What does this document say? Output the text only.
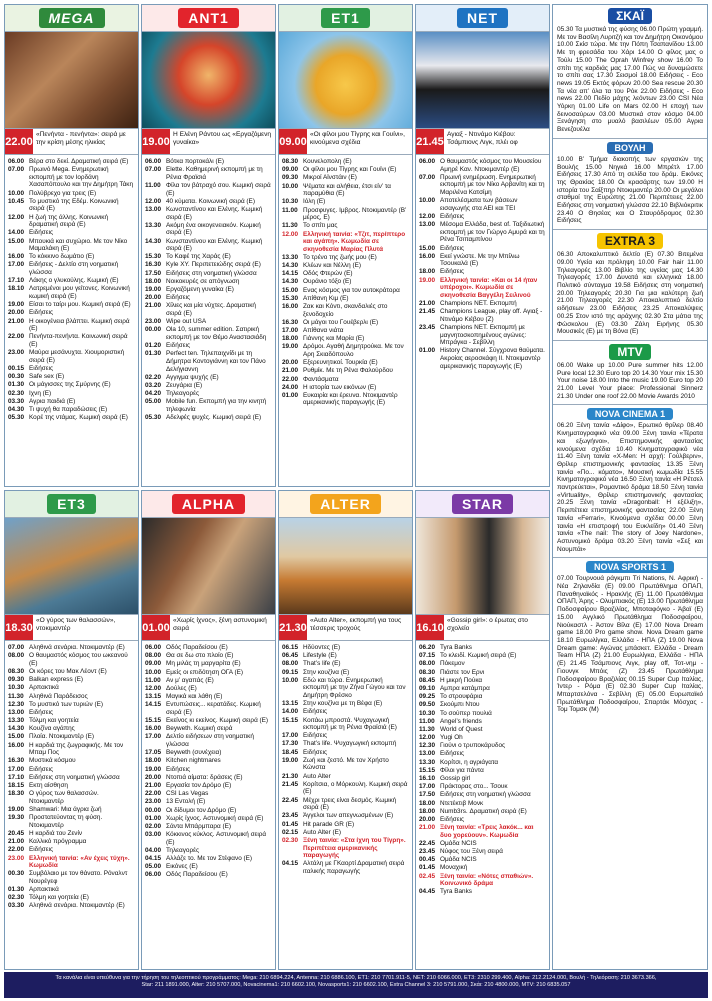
MEGA
22.00
«Πενήντα - πενήντα»: σειρά με την κρίση μέσης ηλικίας
06.00 Βέρα στο δεκί. Δραματική σειρά (Ε)
07.00 Πρωινό Mega. Ενημερωτική εκπομπή με τον Ιορδάνη Χασαπόπουλο και την Δημήτρη Τάκη
10.00 Πολύβρεχο για τρεις (Ε)
10.45 Το μυστικό της Εδέμ. Κοινωνική σειρά (Ε)
12.00 Η ζωή της άλλης. Κοινωνική δραματική σειρά (Ε)
14.00 Ειδήσεις
15.00 Μπουκιά και συχώριο. Με τον Νίκο Μαμαλάκη (Ε)
16.00 Το κόκκινο δωμάτιο (Ε)
17.00 Ειδήσεις - Δελτίο στη νοηματική γλώσσα
17.10 Λάκης ο γλυκούλης. Κωμική (Ε)
18.10 Λατρεμένοι μου γείτονες. Κοινωνική κωμική σειρά (Ε)
19.00 Είσαι το ταίρι μου. Κωμική σειρά (Ε)
20.00 Ειδήσεις
21.00 Η οικογένεια βλάπτει. Κωμική σειρά (Ε)
22.00 Πενήντα-πενήντα. Κοινωνική σειρά (Ε)
23.00 Μαύρα μεσάνυχτα. Χιουμοριστική σειρά (Ε)
00.15 Ειδήσεις
00.30 Safe sex (Ε)
01.30 Οι μάγισσες της Σμύρνης (Ε)
02.30 Ιχνη (Ε)
03.30 Αγρια παιδιά (Ε)
04.30 Τι ψυχή θα παραδώσεις (Ε)
05.30 Κορέ της ντάμας. Κωμική σειρά (Ε)
ANT1
19.00
Η Ελένη Ράντου ως «Εργαζόμενη γυναίκα»
06.00 Βότκα πορτοκάλι (Ε)
07.00 Elette. Καθημερινή εκπομπή με τη Ρένια Φραϊσιά
11.00 Φίλα τον βάτραχό σου. Κωμική σειρά (Ε)
12.00 40 κύματα. Κοινωνική σειρά (Ε)
13.00 Κωνσταντίνου και Ελένης. Κωμική σειρά (Ε)
13.30 Ακόμη ένα οικογενειακόν. Κωμική σειρά (Ε)
14.30 Κωνσταντίνου και Ελένης. Κωμική σειρά (Ε)
15.30 Το Καφέ της Χαράς (Ε)
16.30 Kyle XY. Περιπετειώδης σειρά (Ε)
17.50 Ειδήσεις στη νοηματική γλώσσα
18.00 Νοικοκυρές σε απόγνωση
19.00 Εργαζόμενη γυναίκα (Ε)
20.00 Ειδήσεις
21.00 Χίλιες και μία νύχτες. Δραματική σειρά (Ε)
23.00 Wipe out USA
00.00 Ola 10, summer edition. Σατιρική εκπομπή με τον Θέμο Αναστασιάδη
01.20 Ειδήσεις
01.30 Perfect ten. Τηλεπαιχνίδι με τη Δήμητρα Κοντογιάννη και τον Πάνο Δελήγιαννη
02.20 Αγγιγμα ψυχής (Ε)
03.20 Ζευγάρια (Ε)
04.20 Τηλεαγορές
05.00 Mobile fun. Εκπομπή για την κινητή τηλεφωνία
05.30 Αδελφές ψυχές. Κωμική σειρά (Ε)
ET1
09.00
«Οι φίλοι μου Τίγρης και Γουίνι», κινούμενα σχέδια
08.30 Κουνελοπολη (Ε)
09.00 Οι φίλοι μου Τίγρης και Γουίνι (Ε)
09.30 Μικροί Αϊνστάιν (Ε)
10.00 Ψέματα και αλήθεια, έτσι είν’ τα παραμύθια (Ε)
10.30 Ιόλη (Ε)
11.00 Προσφυγες. Ιμβρος. Ντοκιμαντέρ (Β’ μέρος, Ε)
11.30 Το σπίτι μας
12.00 Ελληνική ταινία: «Τζιτ, περίπτερο και αγάπη». Κωμωδία σε σκηνοθεσία Μαρίας Πλυτά
13.30 Το τρένο της ζωής μου (Ε)
14.30 Κλέων και Νέλλη (Ε)
14.15 Οδός Φτερών (Ε)
14.30 Ουράνιο τόξο (Ε)
15.00 Ενας κόσμος για τον αυτοκράτορα
15.30 Απίθανη Κιμ (Ε)
16.00 Ζακ και Κόντι, σκανδαλιές στο ξενοδοχείο
16.30 Οι μάγοι του Γουέβερλι (Ε)
17.00 Απίθανα νιάτα
18.00 Γιάννης και Μαρία (Ε)
19.00 Δρόμοι. Αγαθή Δημητρούκα. Με τον Αρη Σκιαδόπουλο
20.00 Εξερευνητικοί. Τουρκία (Ε)
21.00 Ρυθμίκ. Με τη Ρένα Φαλούρδου
22.00 Φαντάσματα
24.00 Η ιστορία των εικόνων (Ε)
01.00 Ευκαιρία και έρευνα. Ντοκιμαντέρ αμερικανικής παραγωγής (Ε)
NET
21.45
Αγιαξ - Ντινάμο Κιέβου: Τσάμπιονς Λιγκ, πλέι οφ
06.00 Ο θαυμαστός κόσμος του Μουσείου Αμηρέ Καν. Ντοκιμαντέρ (Ε)
07.00 Πρωινή ενημέρωση. Ενημερωτική εκπομπή με τον Νίκο Αρβανίτη και τη Μαριλένα Κατσίμη
10.00 Αποτελέσματα των βάσεων εισαγωγής στα ΑΕΙ και ΤΕΙ
12.00 Ειδήσεις
13.00 Μέσομα Ελλάδα, best of. Ταξιδιωτική εκπομπή με τον Γιώργο Αμυρά και τη Ρένα Τσιπαμπίνου
15.00 Ειδήσεις
16.00 Εκεί γνώστε. Με την Μπίλιω Τσουκαλά (Ε)
18.00 Ειδήσεις
19.00 Ελληνική ταινία: «Και οι 14 ήταν υπέροχοι». Κωμωδία σε σκηνοθεσία Βαγγέλη Σειλινού
21.00 Champions NET. Εκπομπή
21.45 Champions League, play off. Αγιαξ - Ντινάμο Κιέβου (Ζ)
23.45 Champions NET. Εκπομπή με μαγνητοσκοπημένους αγώνες: Μπράγκα - Σεβίλλη
01.00 History Channel. Σύγχρονα θαύματα. Ακροίας αεροσκάφη ΙΙ. Ντοκιμαντέρ αμερικανικής παραγωγής (Ε)
ET3
18.30
«Ο γύρος των θαλασσών», ντοκιμαντέρ
07.00 Αληθινά σενάρια. Ντοκιμαντέρ (Ε)
08.00 Ο θαυμαστός κόσμος του ωκεανού (Ε)
08.30 Οι κόρες του Μακ Λέοντ (Ε)
09.30 Balkan express (Ε)
10.30 Αρπακτικά
11.30 Αληθινά Παράδεισος
12.30 Το μυστικό των τυριών (Ε)
13.00 Ειδήσεις
13.30 Τόλμη και γοητεία
14.30 Κουζίνα αγάπης
15.00 Πλοία. Ντοκιμαντέρ (Ε)
16.00 Η καρδιά της ζωγραφικής. Με τον Μπαμ Πος
16.30 Μυστικά κόσμου
17.00 Ειδήσεις
17.10 Ειδήσεις στη νοηματική γλώσσα
18.15 Εκτη αίσθηση
18.30 Ο γύρος των θαλασσών. Ντοκιμαντέρ
19.00 Shamwari: Μια άγρια ζωή
19.30 Προστατεύοντας τη φύση. Ντοκιμαντέρ
20.45 Η καρδιά του Ζενίν
21.00 Καλλικό πρόγραμμα
22.00 Ειδήσεις
23.00 Ελληνική ταινία: «Αν έχεις τύχη». Κωμωδία
00.30 Συμβόλαιο με τον θάνατο. Ρόναλντ Νουρέγεφ
01.30 Αρπακτικά
02.30 Τόλμη και γοητεία (Ε)
03.30 Αληθινά σενάρια. Ντοκιμαντέρ (Ε)
ALPHA
01.00
«Χωρίς ίχνος», ξένη αστυνομική σειρά
06.00 Οδός Παραδείσου (Ε)
08.00 Θα σε δω στο πλοίο (Ε)
09.00 Μη μιλάς τη μαργαρίτα (Ε)
10.00 Εμείς οι επιδότηση ΟΓΑ (Ε)
11.00 Αν μ’ αγαπάς (Ε)
12.00 Δούλες (Ε)
13.15 Μαγικά και λάθη (Ε)
14.15 Εντυπώσεις... κερατάδες. Κωμική σειρά (Ε)
15.15 Εκείνος κι εκείνος. Κωμική σειρά (Ε)
16.00 Beyweth. Κωμική σειρά
17.00 Δελτίο ειδήσεων στη νοηματική γλώσσα
17.05 Beyweth (συνέχεια)
18.00 Kitchen nightmares
19.00 Ειδήσεις
20.00 Ντοπιά αίματα: δράσεις (Ε)
21.00 Εργασία τον Δρόμο (Ε)
22.00 CSI Las Vegas
23.00 13 Εντολή (Ε)
00.00 Οι δίδυμοι τον Δρόμο (Ε)
01.00 Χωρίς ίχνος. Αστυνομική σειρά (Ε)
02.00 Σάντα Μπάρμπαρα (Ε)
03.00 Κόκκινος κύκλος. Αστυνομική σειρά (Ε)
04.00 Τηλεαγορές
04.15 Αλλάζε το. Με τον Στέφανο (Ε)
05.00 Εικόνες (Ε)
06.00 Οδός Παραδείσου (Ε)
ALTER
21.30
«Auto Alter», εκπομπή για τους τέσσερις τροχούς
06.15 Ηδύοντες (Ε)
06.45 Lifestyle (Ε)
08.00 That’s life (Ε)
09.15 Στην κουζίνα (Ε)
10.00 Εδώ και τώρα. Ενημερωτική εκπομπή με την Ζήνα Γώγου και τον Δημήτρη Φρέσκο
13.15 Στην κουζίνα με τη Βέφα (Ε)
14.00 Ειδήσεις
15.15 Κοιτάω μπροστά. Ψυχαγωγική εκπομπή με τη Ρένια Φραϊσιά (Ε)
17.00 Ειδήσεις
17.30 That’s life. Ψυχαγωγική εκπομπή
18.45 Ειδήσεις
19.00 Ζωή και ζεστό. Με τον Χρήστο Κώνστα
21.30 Auto Alter
21.45 Κορίτσια, ο Μόρκουλη. Κωμική σειρά (Ε)
22.45 Μέχρι τρεις είναι δεσμός. Κωμική σειρά (Ε)
23.45 Άγγελοι των απεγνωσμένων (Ε)
01.45 Hit parade GR (Ε)
02.15 Auto Alter (Ε)
02.30 Ξένη ταινία: «Στα ίχνη του Τίγρη». Περιπέτεια αμερικανικής παραγωγής
04.15 Αλτάλη με ΓΚαορτί Δραματική σειρά ιταλικής παραγωγής
STAR
16.10
«Gossip girl»: ο έρωτας στο σχολείο
06.20 Tyra Banks
07.15 Το κλειδί. Κωμική σειρά (Ε)
08.00 Πόκεμον
08.30 Πιάστε τον Ερνι
08.45 Η μικρή Πούκα
09.10 Αμπρα κατάμπρα
09.25 Το στρουφάρια
09.50 Σκούμπι Ντου
10.30 Το σούπερ πουλιά
11.00 Angel’s friends
11.30 World of Quest
12.00 Yugi Oh
12.30 Γιούνι ο τρυποκάρυδος
13.00 Ειδήσεις
13.30 Κορίτσι, η αγριάγατα
15.15 Φίλοι για πάντα
16.10 Gossip girl
17.00 Πράκτορας στο... Τσουκ
17.50 Ειδήσεις στη νοηματική γλώσσα
18.00 Ντετέκτιβ Μονκ
18.00 Numb3rs. Δραματική σειρά (Ε)
20.00 Ειδήσεις
21.00 Ξένη ταινία: «Τρεις λακόκ... και δυο χορεύουν». Κωμωδία
22.45 Ομάδα NCIS
23.45 Νύφος του Ξένη σειρά
00.45 Ομάδα NCIS
01.45 Μοναχική
02.45 Ξένη ταινία: «Νότες σπαθιών». Κοινωνικό δράμα
04.45 Tyra Banks
ΣΚΑΪ
05.30 Τα μυστικά της φύσης 06.00 Πρώτη γραμμή. Με τον Βασίλη Λυριτζή και τον Δημήτρη Οικονόμου 10.00 Σκίσ τώρα. Με την Πόπη Τσαπανίδου 13.00 Με τη φρεσάδα του Χάρι 14.00 Ο φίλος μας ο Τούλι 15.00 The Oprah Winfrey show 16.00 Το σπίτι της καρδιάς μας 17.00 Πώς να δυναμώσετε το σπίτι σας 17.30 Σεισμοί 18.00 Ειδήσεις - Eco news 19.05 Εκτός φόρων 20.00 Sea rescue 20.30 Τα νέα απ’ όλα τα του Ρόκ 22.00 Ειδήσεις - Eco news 22.00 Πεδίο μάχης λεόντων 23.00 CSI Νέα Υόρκη 01.00 Life on Mars 02.00 Η εποχή των δεινοσαύρων 03.00 Μυστικά στον κόσμο 04.00 Ξενάγηση στο μυαλό βασιλέων 05.00 Αγρια Βενεζουέλα
ΒΟΥΛΗ
10.00 Β’ Τμήμα διακοπής των εργασιών της Βουλής 15.00 Νηγκά 16.00 Μπρέτλ 17.00 Ειδήσεις 17.30 Από τη σελίδα του δράμ. Εικόνες της Θρακίας 18.00 Οι κρασάρτης των 19.00 Η ιστορία του Σαίξπηρ Ντοκιμαντέρ 20.00 Οι μεγάλοι σταθμοί της Ευρώπης 21.00 Περιπέτειες 22.00 Ειδήσεις στη νοηματική γλώσσα 22.10 Βιβλιόκριτικ 23.40 Ο Θησέας και Ο Σταυρόδρομος 02.30 Ειδήσεις
EXTRA 3
06.30 Αποκαλυπτικό δελτίο (Ε) 07.30 Βιτεμένα 09.00 Υγεία και πρόληψη 10.00 Fair hair 11.00 Τηλεαγορές 13.00 Βιβλίο της υγείας μας 14.30 Τηλεαγορές 17.00 Δυνατά και ελληνικά 18.00 Πολιτικό σύνταγμα 19.58 Ειδήσεις στη νοηματική 20.00 Τηλεαγορές 20.30 Για μια καλύτερη ζωή 21.00 Τηλεαγορές 22.30 Αποκαλυπτικό δελτίο ειδήσεων 23.00 Ειδήσεις 23.25 Αποκαλύψεις 00.25 Στον ιστό της αράχνης 02.30 Στα μάτια της Φώσκολου (Ε) 03.30 Ζάλη Ειρήνης 05.30 Μουσικές (Ε) με τη Βόνα (Ε)
MTV
06.00 Wake up 10.00 Pure summer hits 12.00 Pure local 12.30 Euro top 20 14.30 Your mix 15.30 Your noise 18.00 Into the music 19.00 Euro top 20 21.00 Level Your place: Professional Sinnerz 21.30 Under one roof 22.00 Movie Awards 2010
NOVA CINEMA 1
06.20 Ξένη ταινία «Δίφο», Ερωτικό θρίλερ 08.40 Κινηματογραφικό νέα 09.00 Ξένη ταινία «Τέρατα και εξωγήινοι», Επιστημονικής φαντασίας κινούμενα σχέδια 10.40 Κινηματογραφικό νέα 11.40 Ξένη ταινία «X-Men: Η αρχή: Γούλβεριν», Θρίλερ επιστημονικής φαντασίας 13.35 Ξένη ταινία «Πο... κόματο», Μουσική κωμωδία 15.55 Κινηματογραφικό νέα 16.50 Ξένη ταινία «Η Ρέτσελ παντρεύεται», Ρομαντικό δράμα 18.50 Ξένη ταινία «Virtuality», Θρίλερ επιστημονικής φαντασίας 20.25 Ξένη ταινία «Dragonball: Η εξέλιξη», Περιπέτεια επιστημονικής φαντασίας 22.00 Ξένη ταινία «Ferrari», Κινούμενα σχέδια 00.00 Ξένη ταινία «Η επιστροφή του Ευκλείδη» 01.40 Ξένη ταινία «The nail: The story of Joey Nardone», Αστυνομικό δράμα 03.20 Ξένη ταινία «Σεξ και Νουμπάι»
NOVA SPORTS 1
07.00 Τουρνουά ράγκμπι Tri Nations, Ν. Αφρική - Νέα Ζηλανδία (Ε) 09.00 Πρωτάθλημα ΟΠΑΠ, Παναθηναϊκός - Ηρακλής (Ε) 11.00 Πρωτάθλημα ΟΠΑΠ, Άρης - Ολυμπιακός (Ε) 13.00 Πρωτάθλημα Ποδοσφαίρου Βραζιλίας, Μποταφόγκο - Άβαϊ (Ε) 15.00 Αγγλικό Πρωτάθλημα Ποδοσφαίρου, Νιούκαστλ - Άστον Βίλα (Ε) 17.00 Nova Dream game 18.00 Pro game show. Nova Dream game 18.10 Ευρωλίγκα, Ελλάδα - ΗΠΑ (Ζ) 19.00 Nova Dream game: Αγώνας μπάσκετ. Ελλάδα - Dream Team ΗΠΑ (Ζ) 21.00 Ευρωλίγκα, Ελλάδα - ΗΠΑ (Ε) 21.45 Τσάμπιονς Λιγκ, play off, Τοτ-νημ - Γιουνγκ Μπόις (Ζ) 23.45 Πρωτάθλημα Ποδοσφαίρου Βραζιλίας 00.15 Super Cup Ιταλίας, Ίντερ - Ρόμα (Ε) 02.30 Super Cup Ιταλίας, Μπαρτσελόνα - Σεβίλλη (Ε) 05.00 Ευρωπαϊκό Πρωτάθλημα Ποδοσφαίρου, Σπαρτάκ Μόσχας - Τομ Τομσκ (Μ)
Τα κανάλια είναι υπεύθυνα για την τήρηση του τηλεοπτικού προγράμματος: Mega: 210 6894.224, Antenna: 210 6886.100, ΕΤ1: 210 7701.911-5, NET: 210 6066.000, ΕΤ3: 2310 299.400, Alpha: 212.2124.000, Βουλή - Τηλεόραση: 210 3673.366,
Star: 211 1891.000, Alter: 210 5707.000, Novacinema1: 210 6602.100, Novasports1: 210 6602.100, Extra Channel 3: 210 5791.000, Σκάι: 210 4800.000, MTV: 210 6835.057
